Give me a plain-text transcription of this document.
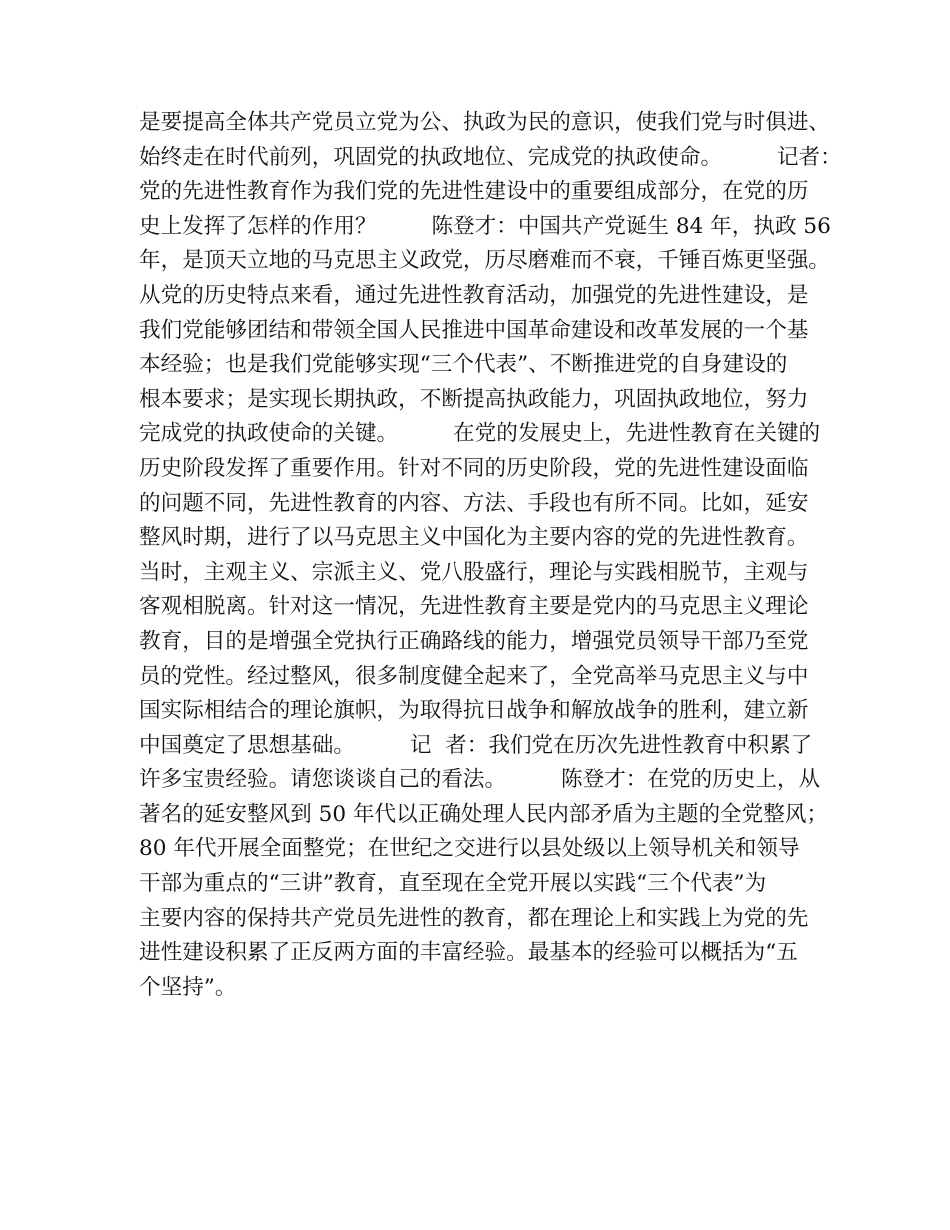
是要提高全体共产党员立党为公、执政为民的意识，使我们党与时俱进、
始终走在时代前列，巩固党的执政地位、完成党的执政使命。        记者：
党的先进性教育作为我们党的先进性建设中的重要组成部分，在党的历
史上发挥了怎样的作用？        陈登才：中国共产党诞生 84 年，执政 56
年，是顶天立地的马克思主义政党，历尽磨难而不衰，千锤百炼更坚强。
从党的历史特点来看，通过先进性教育活动，加强党的先进性建设，是
我们党能够团结和带领全国人民推进中国革命建设和改革发展的一个基
本经验；也是我们党能够实现“三个代表”、不断推进党的自身建设的
根本要求；是实现长期执政，不断提高执政能力，巩固执政地位，努力
完成党的执政使命的关键。        在党的发展史上，先进性教育在关键的
历史阶段发挥了重要作用。针对不同的历史阶段，党的先进性建设面临
的问题不同，先进性教育的内容、方法、手段也有所不同。比如，延安
整风时期，进行了以马克思主义中国化为主要内容的党的先进性教育。
当时，主观主义、宗派主义、党八股盛行，理论与实践相脱节，主观与
客观相脱离。针对这一情况，先进性教育主要是党内的马克思主义理论
教育，目的是增强全党执行正确路线的能力，增强党员领导干部乃至党
员的党性。经过整风，很多制度健全起来了，全党高举马克思主义与中
国实际相结合的理论旗帜，为取得抗日战争和解放战争的胜利，建立新
中国奠定了思想基础。        记  者：我们党在历次先进性教育中积累了
许多宝贵经验。请您谈谈自己的看法。        陈登才：在党的历史上，从
著名的延安整风到 50 年代以正确处理人民内部矛盾为主题的全党整风；
80 年代开展全面整党；在世纪之交进行以县处级以上领导机关和领导
干部为重点的“三讲”教育，直至现在全党开展以实践“三个代表”为
主要内容的保持共产党员先进性的教育，都在理论上和实践上为党的先
进性建设积累了正反两方面的丰富经验。最基本的经验可以概括为“五
个坚持”。
